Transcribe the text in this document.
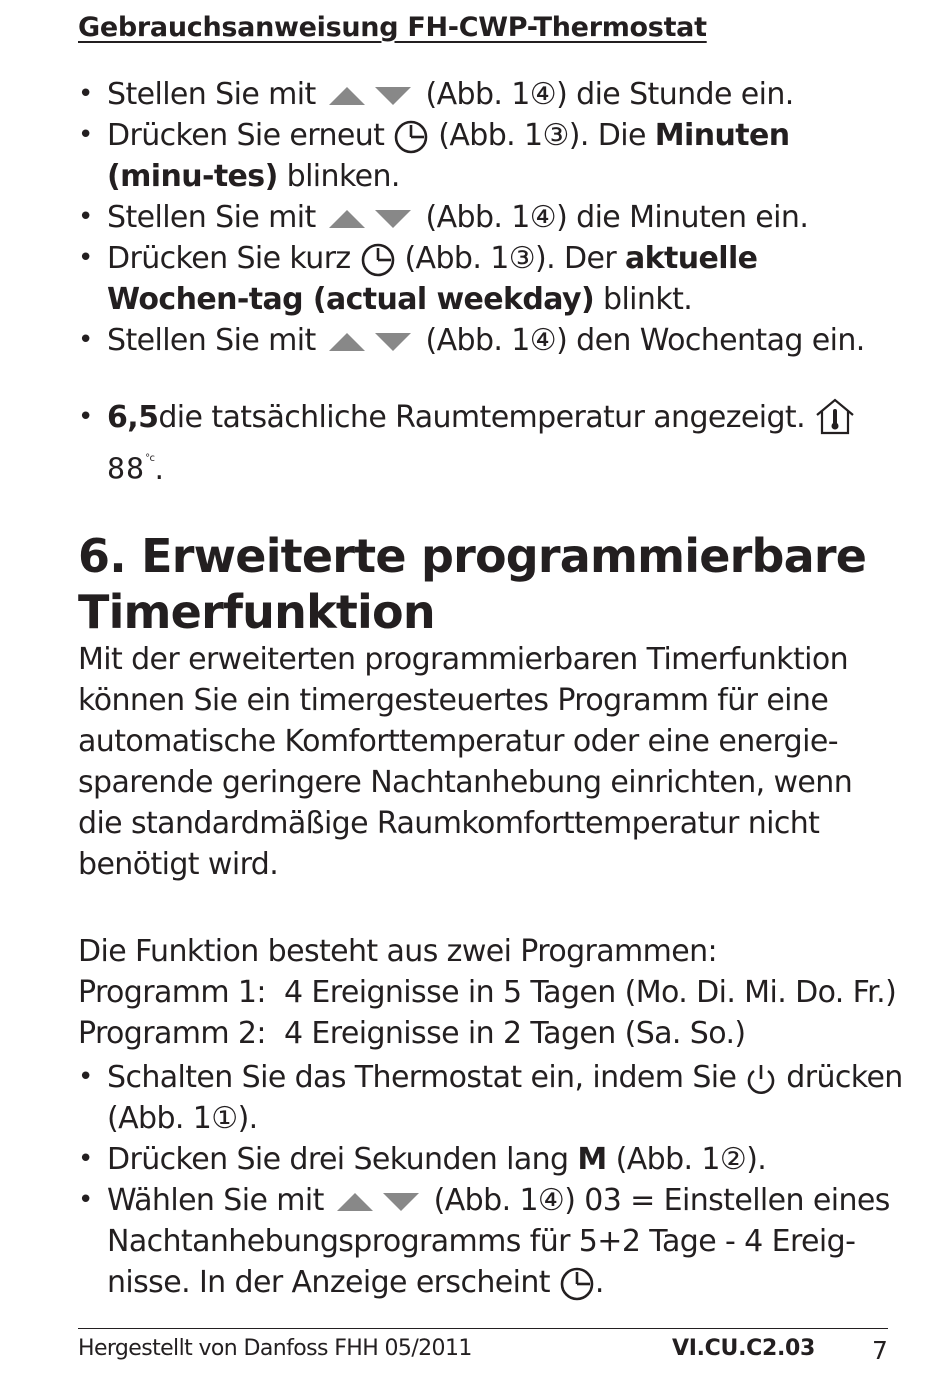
Gebrauchsanweisung FH-CWP-Thermostat
• Stellen Sie mit	(Abb. 1④) die Stunde ein.
• Drücken Sie erneut (Abb. 1③). Die Minuten (minu-tes) blinken.
• Stellen Sie mit	(Abb. 1④) die Minuten ein.
• Drücken Sie kurz (Abb. 1③). Der aktuelle Wochen-tag (actual weekday) blinkt.
• Stellen Sie mit	(Abb. 1④) den Wochentag ein.
• 6,5die tatsächliche Raumtemperatur angezeigt.
$88^{^\circ c}$.
6. Erweiterte programmierbare Timerfunktion
Mit der erweiterten programmierbaren Timerfunktion können Sie ein timergesteuertes Programm für eine automatische Komforttemperatur oder eine energie-sparende geringere Nachtanhebung einrichten, wenn die standardmäßige Raumkomforttemperatur nicht benötigt wird.
Die Funktion besteht aus zwei Programmen:
Programm 1: 4 Ereignisse in 5 Tagen (Mo. Di. Mi. Do. Fr.)
Programm 2: 4 Ereignisse in 2 Tagen (Sa. So.)
• Schalten Sie das Thermostat ein, indem Sie drücken (Abb. 1①).
• Drücken Sie drei Sekunden lang M (Abb. 1②).
• Wählen Sie mit	(Abb. 1④) 03 = Einstellen eines Nachtanhebungsprogramms für 5+2 Tage - 4 Ereig-nisse. In der Anzeige erscheint .
Hergestellt von Danfoss FHH 05/2011	VI.CU.C2.03 7
